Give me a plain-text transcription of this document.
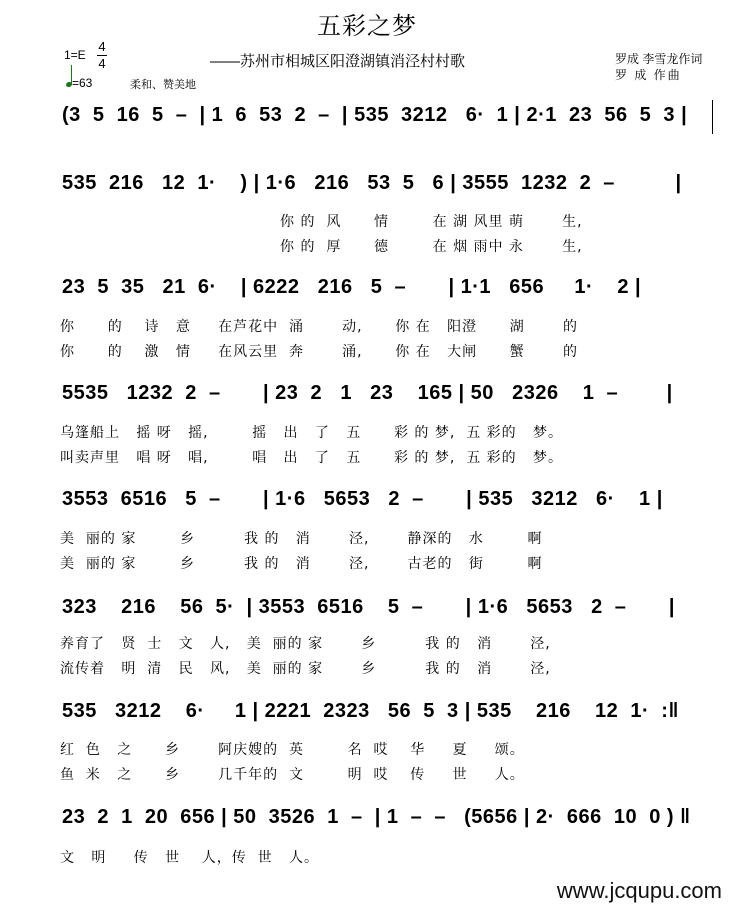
五彩之梦
1=E
4
4
=63	柔和、赞美地
——苏州市相城区阳澄湖镇消泾村村歌	罗成 李雪龙作词
罗 成 作曲
(3  5  16  5  –  | 1  6  53  2  –  | 535  3212   6·  1 | 2·1  23  56  5  3 |
535  216   12  1·    ) | 1·6   216   53  5   6 | 3555  1232  2  –          |
你 的  风      情        在 湖 风里 萌       生,
你 的  厚      德        在 烟 雨中 永       生,
23  5  35   21  6·    | 6222   216   5  –       | 1·1   656     1·    2 |
你      的    诗   意     在芦花中  涌       动,      你 在   阳澄      湖       的
你      的    激   情     在风云里  奔       涌,      你 在   大闸      蟹       的
5535   1232  2  –       | 23  2   1   23    165 | 50   2326    1  –        |
乌篷船上   摇 呀   摇,        摇   出   了   五      彩 的 梦,  五 彩的   梦。
叫卖声里   唱 呀   唱,        唱   出   了   五      彩 的 梦,  五 彩的   梦。
3553  6516   5  –       | 1·6   5653   2  –       | 535   3212   6·    1 |
美  丽的 家        乡         我 的   消       泾,       静深的   水        啊
美  丽的 家        乡         我 的   消       泾,       古老的   街        啊
323    216    56  5·  | 3553  6516    5  –       | 1·6   5653   2  –       |
养育了   贤  士   文   人,   美  丽的 家       乡         我 的   消       泾,
流传着   明  清   民   风,   美  丽的 家       乡         我 的   消       泾,
535   3212    6·     1 | 2221  2323   56  5  3 | 535    216    12  1·  :‖
红  色   之      乡       阿庆嫂的  英        名  哎    华     夏     颂。
鱼  米   之      乡       几千年的  文        明  哎    传     世     人。
23  2  1  20  656 | 50  3526  1  –  | 1  –  –   (5656 | 2·  666  10  0 ) ‖
文   明     传   世    人，传  世   人。
www.jcqupu.com
